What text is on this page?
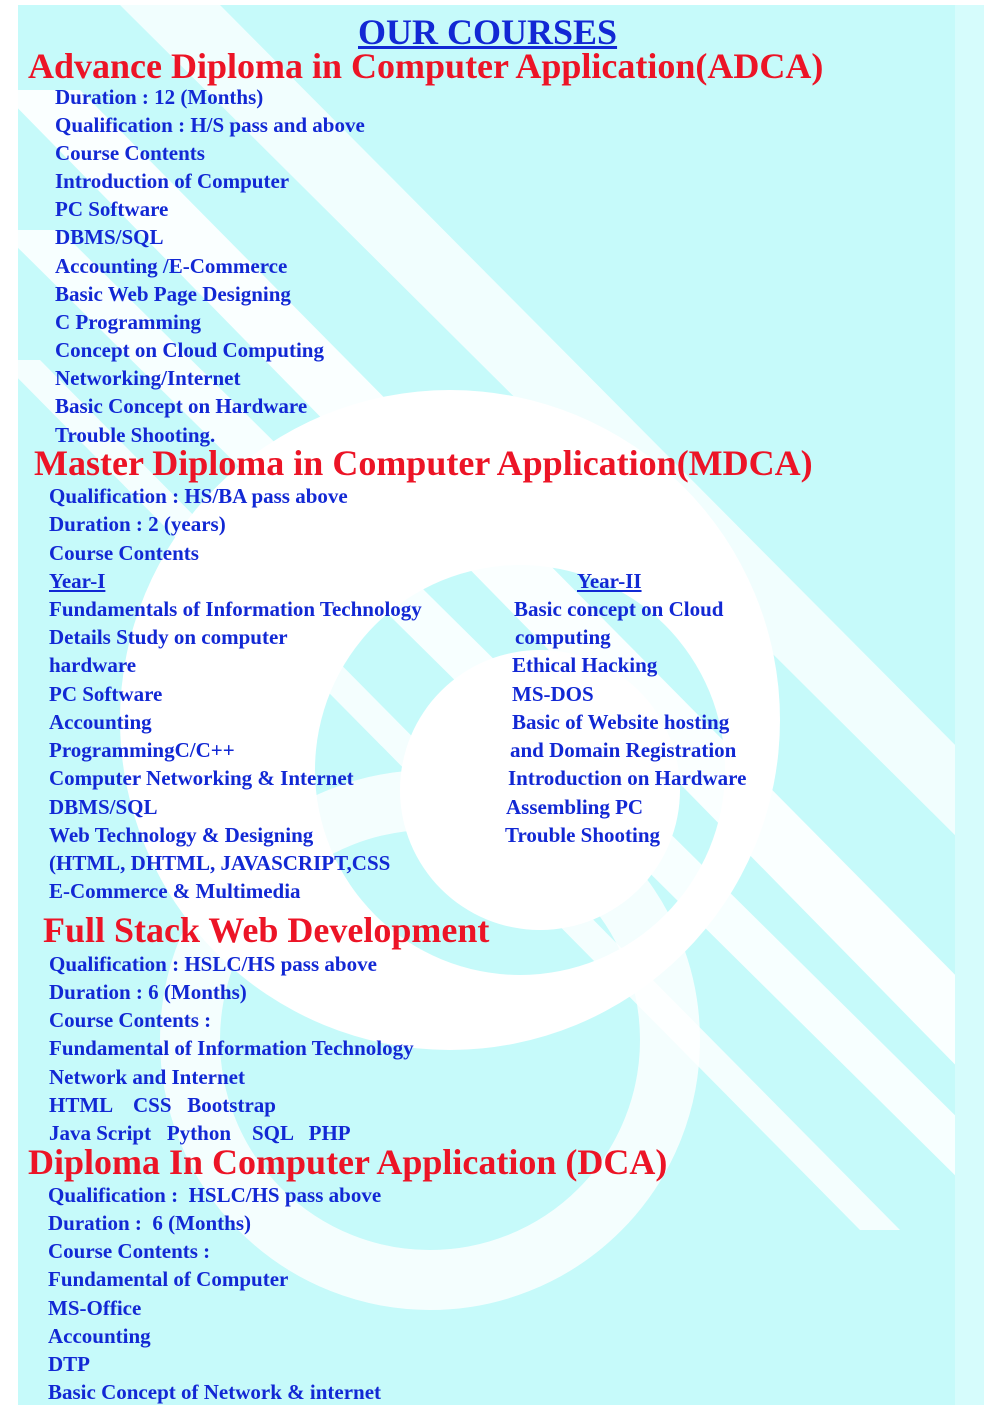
OUR COURSES
Advance Diploma in Computer Application(ADCA)
Duration : 12 (Months)
Qualification : H/S pass and above
Course Contents
Introduction of Computer
PC Software
DBMS/SQL
Accounting /E-Commerce
Basic Web Page Designing
C Programming
Concept on Cloud Computing
Networking/Internet
Basic Concept on Hardware
Trouble Shooting.
Master Diploma in Computer Application(MDCA)
Qualification : HS/BA pass above
Duration : 2 (years)
Course Contents
Year-I	Year-II
Fundamentals of Information Technology
Details Study on computer
hardware
PC Software
Accounting
ProgrammingC/C++
Computer Networking & Internet
DBMS/SQL
Web Technology & Designing
(HTML, DHTML, JAVASCRIPT,CSS
E-Commerce & Multimedia
Basic concept on Cloud
computing
Ethical Hacking
MS-DOS
Basic of Website hosting
and Domain Registration
Introduction on Hardware
Assembling PC
Trouble Shooting
Full Stack Web Development
Qualification : HSLC/HS pass above
Duration : 6 (Months)
Course Contents :
Fundamental of Information Technology
Network and Internet
HTML    CSS   Bootstrap
Java Script   Python    SQL   PHP
Diploma In Computer Application (DCA)
Qualification :  HSLC/HS pass above
Duration :  6 (Months)
Course Contents :
Fundamental of Computer
MS-Office
Accounting
DTP
Basic Concept of Network & internet
